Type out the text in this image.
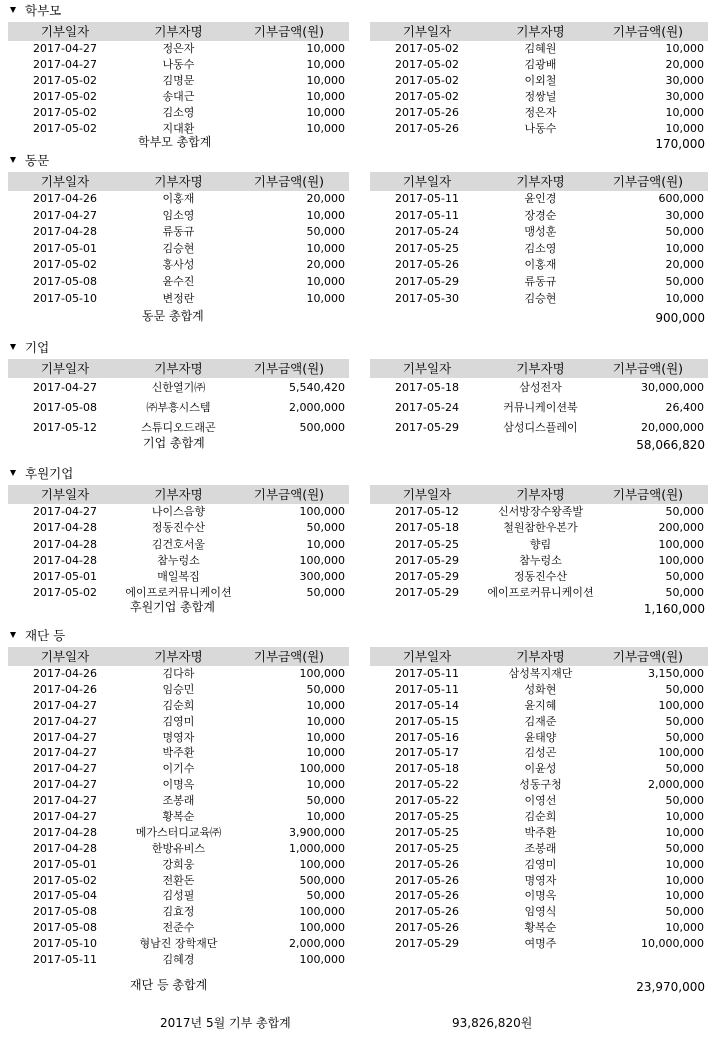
학부모
기부일자	기부자명	기부금액(원)
2017-04-27	정은자	10,000
2017-04-27	나동수	10,000
2017-05-02	김명문	10,000
2017-05-02	송대근	10,000
2017-05-02	김소영	10,000
2017-05-02	지대환	10,000
기부일자	기부자명	기부금액(원)
2017-05-02	김혜원	10,000
2017-05-02	김광배	20,000
2017-05-02	이외철	30,000
2017-05-02	정쌍널	30,000
2017-05-26	정은자	10,000
2017-05-26	나동수	10,000
학부모 총합계	170,000
동문
기부일자	기부자명	기부금액(원)
2017-04-26	이홍재	20,000
2017-04-27	임소영	10,000
2017-04-28	류동규	50,000
2017-05-01	김승현	10,000
2017-05-02	홍사성	20,000
2017-05-08	윤수진	10,000
2017-05-10	변정란	10,000
기부일자	기부자명	기부금액(원)
2017-05-11	윤인경	600,000
2017-05-11	장경순	30,000
2017-05-24	맹성훈	50,000
2017-05-25	김소영	10,000
2017-05-26	이홍재	20,000
2017-05-29	류동규	50,000
2017-05-30	김승현	10,000
동문 총합계	900,000
기업
기부일자	기부자명	기부금액(원)
2017-04-27	신한열기㈜	5,540,420
2017-05-08	㈜부흥시스템	2,000,000
2017-05-12	스튜디오드래곤	500,000
기부일자	기부자명	기부금액(원)
2017-05-18	삼성전자	30,000,000
2017-05-24	커뮤니케이션북	26,400
2017-05-29	삼성디스플레이	20,000,000
기업 총합계	58,066,820
후원기업
기부일자	기부자명	기부금액(원)
2017-04-27	나이스음향	100,000
2017-04-28	정동진수산	50,000
2017-04-28	김건호서울	10,000
2017-04-28	참누렁소	100,000
2017-05-01	매일복집	300,000
2017-05-02	에이프로커뮤니케이션	50,000
기부일자	기부자명	기부금액(원)
2017-05-12	신서방장수왕족발	50,000
2017-05-18	철원참한우본가	200,000
2017-05-25	향림	100,000
2017-05-29	참누렁소	100,000
2017-05-29	정동진수산	50,000
2017-05-29	에이프로커뮤니케이션	50,000
후원기업 총합계	1,160,000
재단 등
기부일자	기부자명	기부금액(원)
2017-04-26	김다하	100,000
2017-04-26	임승민	50,000
2017-04-27	김순희	10,000
2017-04-27	김영미	10,000
2017-04-27	명영자	10,000
2017-04-27	박주환	10,000
2017-04-27	이기수	100,000
2017-04-27	이명옥	10,000
2017-04-27	조봉래	50,000
2017-04-27	황복순	10,000
2017-04-28	메가스터디교육㈜	3,900,000
2017-04-28	한방유비스	1,000,000
2017-05-01	강희웅	100,000
2017-05-02	전환돈	500,000
2017-05-04	김성필	50,000
2017-05-08	김효정	100,000
2017-05-08	전준수	100,000
2017-05-10	형남진 장학재단	2,000,000
2017-05-11	김혜경	100,000
기부일자	기부자명	기부금액(원)
2017-05-11	삼성복지재단	3,150,000
2017-05-11	성화현	50,000
2017-05-14	윤지혜	100,000
2017-05-15	김재준	50,000
2017-05-16	윤태양	50,000
2017-05-17	김성곤	100,000
2017-05-18	이윤성	50,000
2017-05-22	성동구청	2,000,000
2017-05-22	이영선	50,000
2017-05-25	김순희	10,000
2017-05-25	박주환	10,000
2017-05-25	조봉래	50,000
2017-05-26	김영미	10,000
2017-05-26	명영자	10,000
2017-05-26	이명옥	10,000
2017-05-26	임영식	50,000
2017-05-26	황복순	10,000
2017-05-29	여명주	10,000,000
재단 등 총합계	23,970,000
2017년 5월 기부 총합계	93,826,820원
